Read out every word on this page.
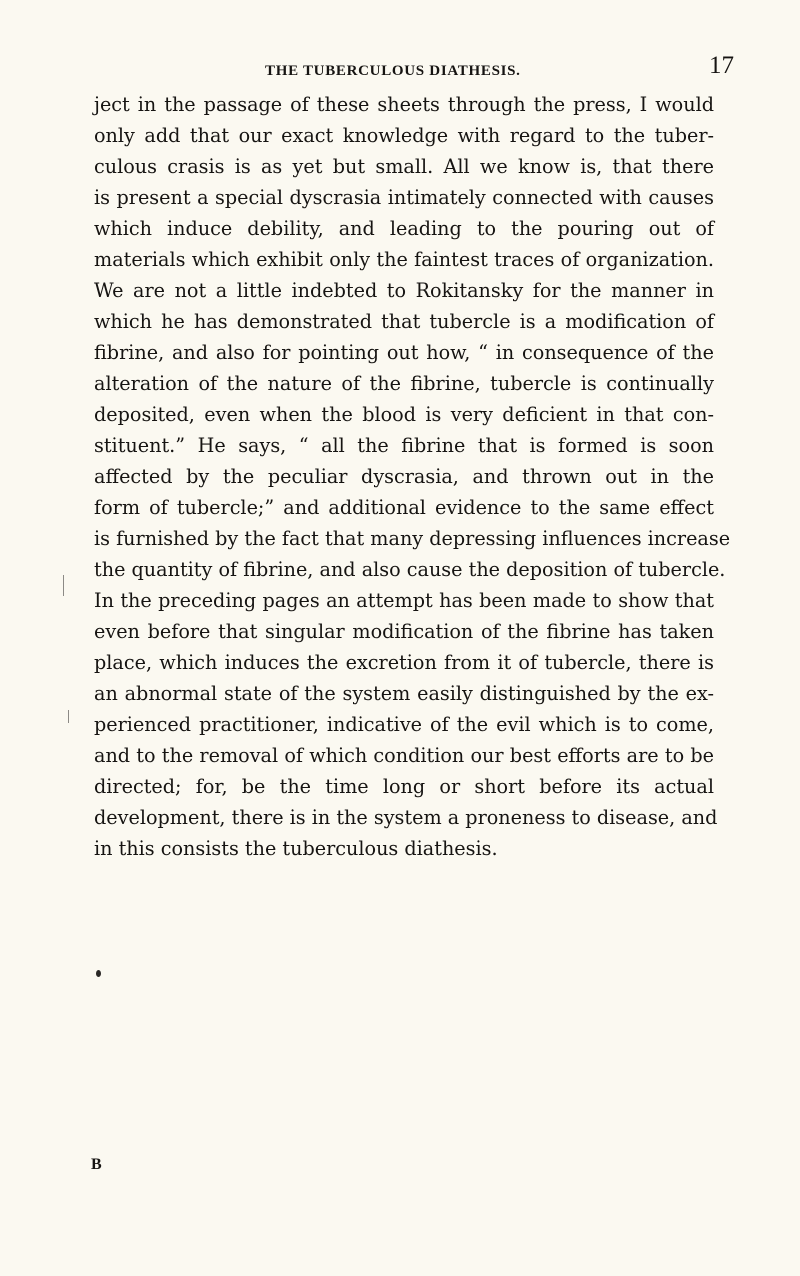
THE TUBERCULOUS DIATHESIS.	17
ject in the passage of these sheets through the press, I would
only add that our exact knowledge with regard to the tuber-
culous crasis is as yet but small. All we know is, that there
is present a special dyscrasia intimately connected with causes
which induce debility, and leading to the pouring out of
materials which exhibit only the faintest traces of organization.
We are not a little indebted to Rokitansky for the manner in
which he has demonstrated that tubercle is a modification of
fibrine, and also for pointing out how, “ in consequence of the
alteration of the nature of the fibrine, tubercle is continually
deposited, even when the blood is very deficient in that con-
stituent.” He says, “ all the fibrine that is formed is soon
affected by the peculiar dyscrasia, and thrown out in the
form of tubercle;” and additional evidence to the same effect
is furnished by the fact that many depressing influences increase
the quantity of fibrine, and also cause the deposition of tubercle.
In the preceding pages an attempt has been made to show that
even before that singular modification of the fibrine has taken
place, which induces the excretion from it of tubercle, there is
an abnormal state of the system easily distinguished by the ex-
perienced practitioner, indicative of the evil which is to come,
and to the removal of which condition our best efforts are to be
directed; for, be the time long or short before its actual
development, there is in the system a proneness to disease, and
in this consists the tuberculous diathesis.
B
